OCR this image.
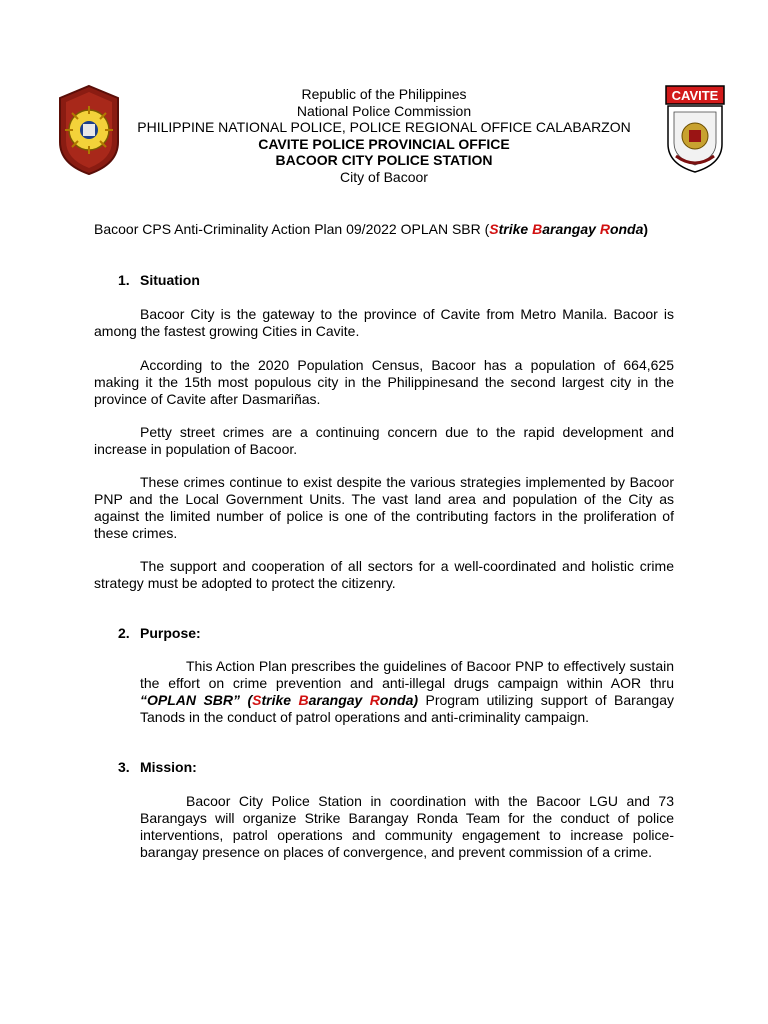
Republic of the Philippines
National Police Commission
PHILIPPINE NATIONAL POLICE, POLICE REGIONAL OFFICE CALABARZON
CAVITE POLICE PROVINCIAL OFFICE
BACOOR CITY POLICE STATION
City of Bacoor
CAVITE
Bacoor CPS Anti-Criminality Action Plan 09/2022 OPLAN SBR (Strike Barangay Ronda)
1. Situation
Bacoor City is the gateway to the province of Cavite from Metro Manila. Bacoor is among the fastest growing Cities in Cavite.
According to the 2020 Population Census, Bacoor has a population of 664,625 making it the 15th most populous city in the Philippinesand the second largest city in the province of Cavite after Dasmariñas.
Petty street crimes are a continuing concern due to the rapid development and increase in population of Bacoor.
These crimes continue to exist despite the various strategies implemented by Bacoor PNP and the Local Government Units. The vast land area and population of the City as against the limited number of police is one of the contributing factors in the proliferation of these crimes.
The support and cooperation of all sectors for a well-coordinated and holistic crime strategy must be adopted to protect the citizenry.
2. Purpose:
This Action Plan prescribes the guidelines of Bacoor PNP to effectively sustain the effort on crime prevention and anti-illegal drugs campaign within AOR thru “OPLAN SBR” (Strike Barangay Ronda) Program utilizing support of Barangay Tanods in the conduct of patrol operations and anti-criminality campaign.
3. Mission:
Bacoor City Police Station in coordination with the Bacoor LGU and 73 Barangays will organize Strike Barangay Ronda Team for the conduct of police interventions, patrol operations and community engagement to increase police-barangay presence on places of convergence, and prevent commission of a crime.
